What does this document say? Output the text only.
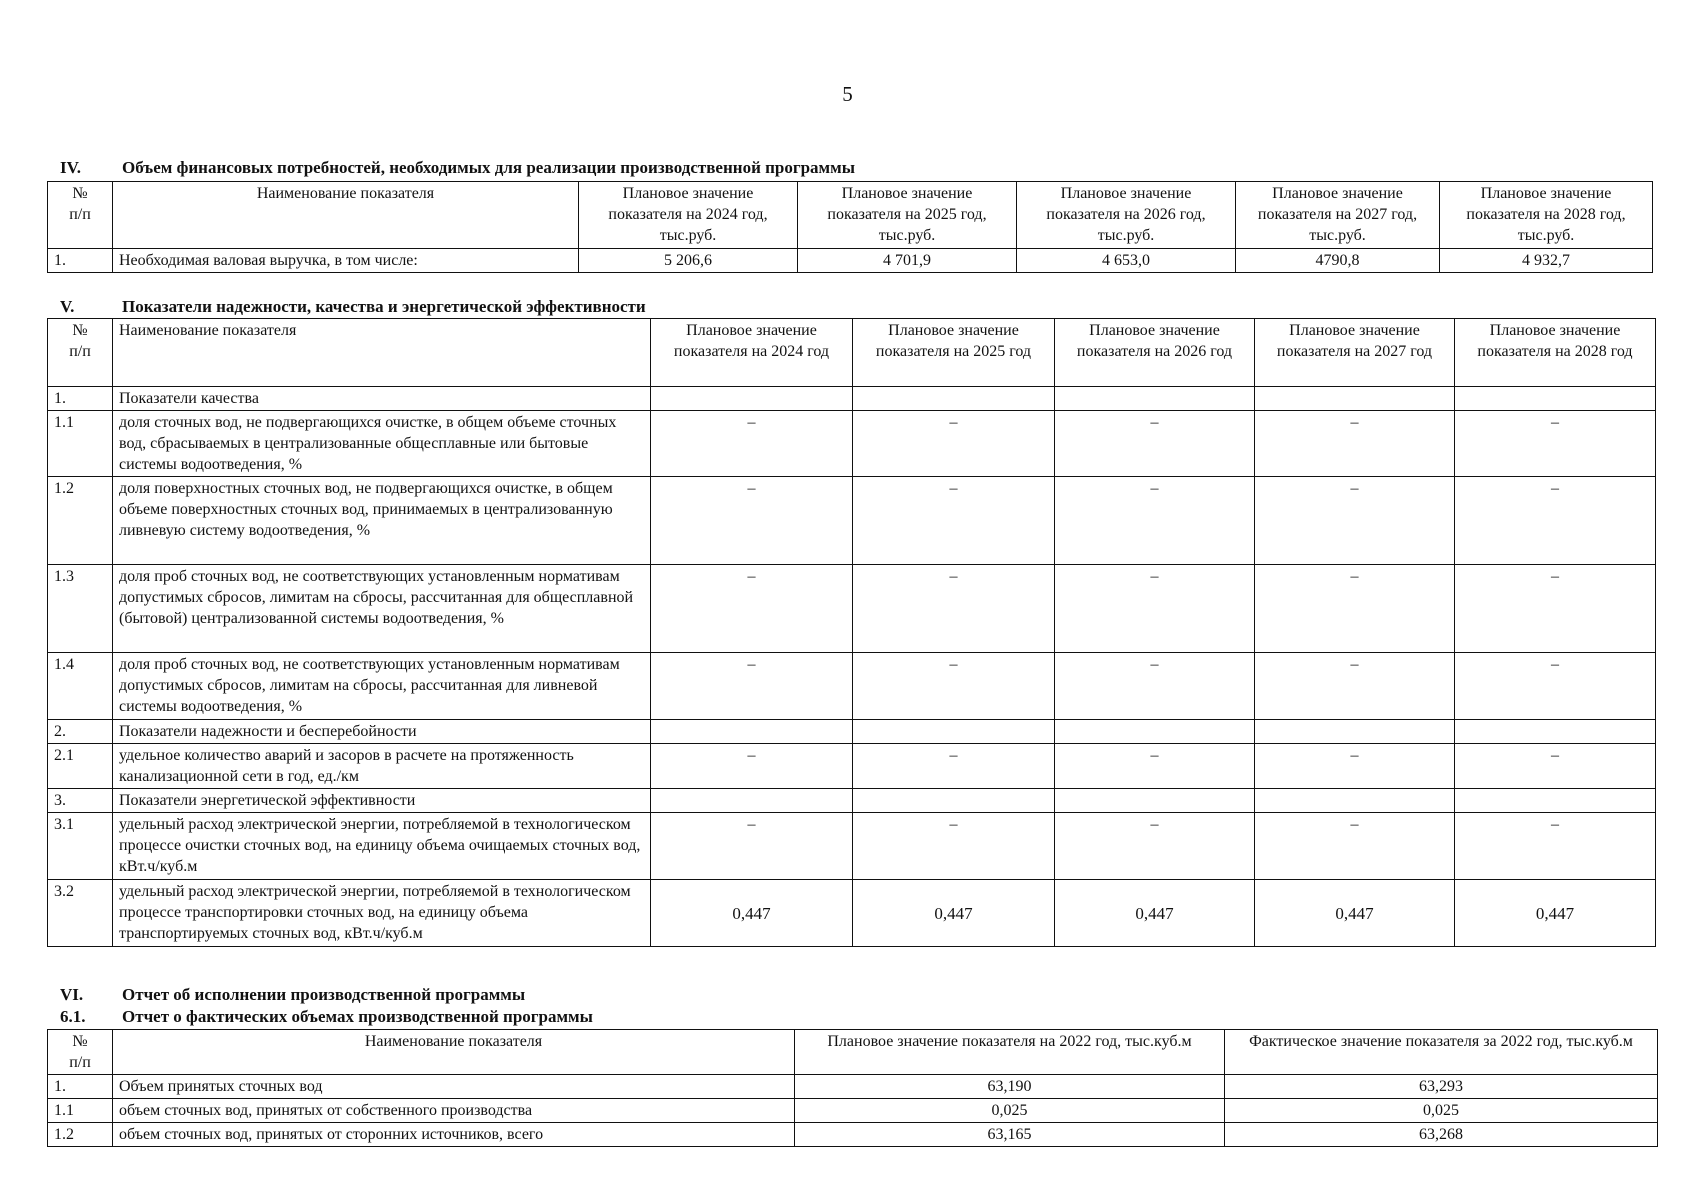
5
IV. Объем финансовых потребностей, необходимых для реализации производственной программы
№
п/п	Наименование показателя	Плановое значение показателя на 2024 год, тыс.руб.	Плановое значение показателя на 2025 год, тыс.руб.	Плановое значение показателя на 2026 год, тыс.руб.	Плановое значение показателя на 2027 год, тыс.руб.	Плановое значение показателя на 2028 год, тыс.руб.
1.	Необходимая валовая выручка, в том числе:	5 206,6	4 701,9	4 653,0	4790,8	4 932,7
V.	Показатели надежности, качества и энергетической эффективности
№
п/п	Наименование показателя	Плановое значение показателя на 2024 год	Плановое значение показателя на 2025 год	Плановое значение показателя на 2026 год	Плановое значение показателя на 2027 год	Плановое значение показателя на 2028 год
1.	Показатели качества					
1.1	доля сточных вод, не подвергающихся очистке, в общем объеме сточных вод, сбрасываемых в централизованные общесплавные или бытовые системы водоотведения, %	–	–	–	–	–
1.2	доля поверхностных сточных вод, не подвергающихся очистке, в общем объеме поверхностных сточных вод, принимаемых в централизованную ливневую систему водоотведения, %	–	–	–	–	–
1.3	доля проб сточных вод, не соответствующих установленным нормативам допустимых сбросов, лимитам на сбросы, рассчитанная для общесплавной (бытовой) централизованной системы водоотведения, %	–	–	–	–	–
1.4	доля проб сточных вод, не соответствующих установленным нормативам допустимых сбросов, лимитам на сбросы, рассчитанная для ливневой системы водоотведения, %	–	–	–	–	–
2.	Показатели надежности и бесперебойности					
2.1	удельное количество аварий и засоров в расчете на протяженность канализационной сети в год, ед./км	–	–	–	–	–
3.	Показатели энергетической эффективности					
3.1	удельный расход электрической энергии, потребляемой в технологическом процессе очистки сточных вод, на единицу объема очищаемых сточных вод, кВт.ч/куб.м	–	–	–	–	–
3.2	удельный расход электрической энергии, потребляемой в технологическом процессе транспортировки сточных вод, на единицу объема транспортируемых сточных вод, кВт.ч/куб.м	0,447	0,447	0,447	0,447	0,447
VI. Отчет об исполнении производственной программы
6.1. Отчет о фактических объемах производственной программы
№
п/п	Наименование показателя	Плановое значение показателя на 2022 год, тыс.куб.м	Фактическое значение показателя за 2022 год, тыс.куб.м
1.	Объем принятых сточных вод	63,190	63,293
1.1	объем сточных вод, принятых от собственного производства	0,025	0,025
1.2	объем сточных вод, принятых от сторонних источников, всего	63,165	63,268
